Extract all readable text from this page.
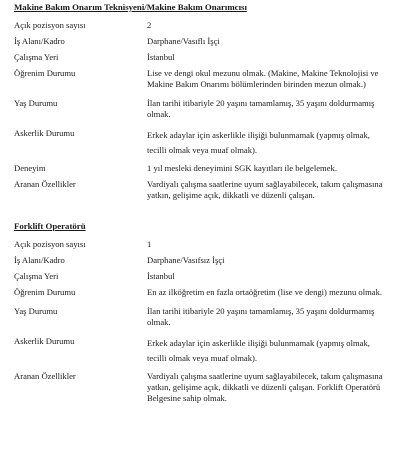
Makine Bakım Onarım Teknisyeni/Makine Bakım Onarımcısı
Açık pozisyon sayısı	2
İş Alanı/Kadro	Darphane/Vasıflı İşçi
Çalışma Yeri	İstanbul
Öğrenim Durumu	Lise ve dengi okul mezunu olmak. (Makine, Makine Teknolojisi ve Makine Bakım Onarımı bölümlerinden birinden mezun olmak.)
Yaş Durumu	İlan tarihi itibariyle 20 yaşını tamamlamış, 35 yaşını doldurmamış olmak.
Askerlik Durumu	Erkek adaylar için askerlikle ilişiği bulunmamak (yapmış olmak, tecilli olmak veya muaf olmak).
Deneyim	1 yıl mesleki deneyimini SGK kayıtları ile belgelemek.
Aranan Özellikler	Vardiyalı çalışma saatlerine uyum sağlayabilecek, takım çalışmasına yatkın, gelişime açık, dikkatli ve düzenli çalışan.
Forklift Operatörü
Açık pozisyon sayısı	1
İş Alanı/Kadro	Darphane/Vasıfsız İşçi
Çalışma Yeri	İstanbul
Öğrenim Durumu	En az ilköğretim en fazla ortaöğretim (lise ve dengi) mezunu olmak.
Yaş Durumu	İlan tarihi itibariyle 20 yaşını tamamlamış, 35 yaşını doldurmamış olmak.
Askerlik Durumu	Erkek adaylar için askerlikle ilişiği bulunmamak (yapmış olmak, tecilli olmak veya muaf olmak).
Aranan Özellikler	Vardiyalı çalışma saatlerine uyum sağlayabilecek, takım çalışmasına yatkın, gelişime açık, dikkatli ve düzenli çalışan. Forklift Operatörü Belgesine sahip olmak.
